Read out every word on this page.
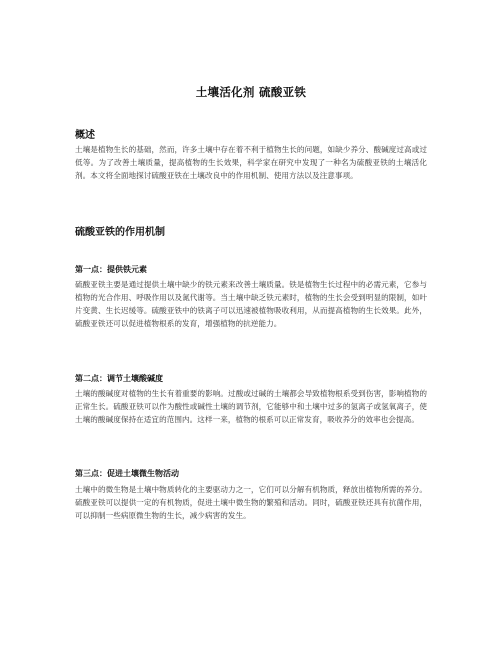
土壤活化剂 硫酸亚铁
概述
土壤是植物生长的基础，然而，许多土壤中存在着不利于植物生长的问题，如缺少养分、酸碱度过高或过低等。为了改善土壤质量，提高植物的生长效果，科学家在研究中发现了一种名为硫酸亚铁的土壤活化剂。本文将全面地探讨硫酸亚铁在土壤改良中的作用机制、使用方法以及注意事项。
硫酸亚铁的作用机制
第一点：提供铁元素
硫酸亚铁主要是通过提供土壤中缺少的铁元素来改善土壤质量。铁是植物生长过程中的必需元素，它参与植物的光合作用、呼吸作用以及氮代谢等。当土壤中缺乏铁元素时，植物的生长会受到明显的限制，如叶片变黄、生长迟缓等。硫酸亚铁中的铁离子可以迅速被植物吸收利用，从而提高植物的生长效果。此外，硫酸亚铁还可以促进植物根系的发育，增强植物的抗逆能力。
第二点：调节土壤酸碱度
土壤的酸碱度对植物的生长有着重要的影响。过酸或过碱的土壤都会导致植物根系受到伤害，影响植物的正常生长。硫酸亚铁可以作为酸性或碱性土壤的调节剂，它能够中和土壤中过多的氢离子或氢氧离子，使土壤的酸碱度保持在适宜的范围内。这样一来，植物的根系可以正常发育，吸收养分的效率也会提高。
第三点：促进土壤微生物活动
土壤中的微生物是土壤中物质转化的主要驱动力之一，它们可以分解有机物质，释放出植物所需的养分。硫酸亚铁可以提供一定的有机物质，促进土壤中微生物的繁殖和活动。同时，硫酸亚铁还具有抗菌作用，可以抑制一些病原微生物的生长，减少病害的发生。
